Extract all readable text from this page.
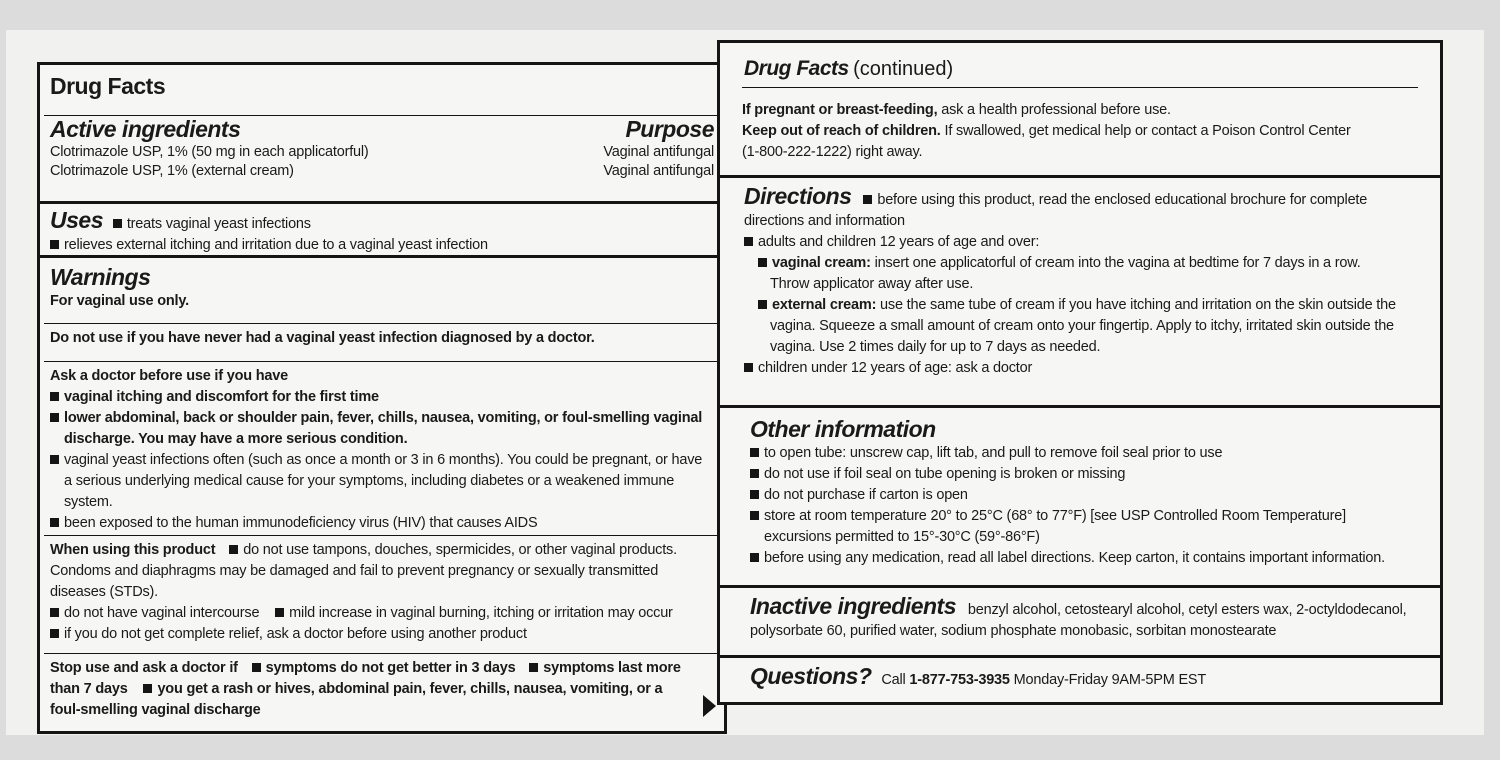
Drug Facts
Active ingredients	Purpose
Clotrimazole USP, 1% (50 mg in each applicatorful)	Vaginal antifungal
Clotrimazole USP, 1% (external cream)	Vaginal antifungal
Uses treats vaginal yeast infections
relieves external itching and irritation due to a vaginal yeast infection
Warnings
For vaginal use only.
Do not use if you have never had a vaginal yeast infection diagnosed by a doctor.
Ask a doctor before use if you have
vaginal itching and discomfort for the first time
lower abdominal, back or shoulder pain, fever, chills, nausea, vomiting, or foul-smelling vaginal
discharge. You may have a more serious condition.
vaginal yeast infections often (such as once a month or 3 in 6 months). You could be pregnant, or have
a serious underlying medical cause for your symptoms, including diabetes or a weakened immune
system.
been exposed to the human immunodeficiency virus (HIV) that causes AIDS
When using this product do not use tampons, douches, spermicides, or other vaginal products.
Condoms and diaphragms may be damaged and fail to prevent pregnancy or sexually transmitted
diseases (STDs).
do not have vaginal intercourse mild increase in vaginal burning, itching or irritation may occur
if you do not get complete relief, ask a doctor before using another product
Stop use and ask a doctor if symptoms do not get better in 3 days symptoms last more
than 7 days you get a rash or hives, abdominal pain, fever, chills, nausea, vomiting, or a
foul-smelling vaginal discharge
Drug Facts (continued)
If pregnant or breast-feeding, ask a health professional before use.
Keep out of reach of children. If swallowed, get medical help or contact a Poison Control Center
(1-800-222-1222) right away.
Directions before using this product, read the enclosed educational brochure for complete
directions and information
adults and children 12 years of age and over:
vaginal cream: insert one applicatorful of cream into the vagina at bedtime for 7 days in a row.
Throw applicator away after use.
external cream: use the same tube of cream if you have itching and irritation on the skin outside the
vagina. Squeeze a small amount of cream onto your fingertip. Apply to itchy, irritated skin outside the
vagina. Use 2 times daily for up to 7 days as needed.
children under 12 years of age: ask a doctor
Other information
to open tube: unscrew cap, lift tab, and pull to remove foil seal prior to use
do not use if foil seal on tube opening is broken or missing
do not purchase if carton is open
store at room temperature 20° to 25°C (68° to 77°F) [see USP Controlled Room Temperature]
excursions permitted to 15°-30°C (59°-86°F)
before using any medication, read all label directions. Keep carton, it contains important information.
Inactive ingredients benzyl alcohol, cetostearyl alcohol, cetyl esters wax, 2-octyldodecanol,
polysorbate 60, purified water, sodium phosphate monobasic, sorbitan monostearate
Questions? Call 1-877-753-3935 Monday-Friday 9AM-5PM EST
